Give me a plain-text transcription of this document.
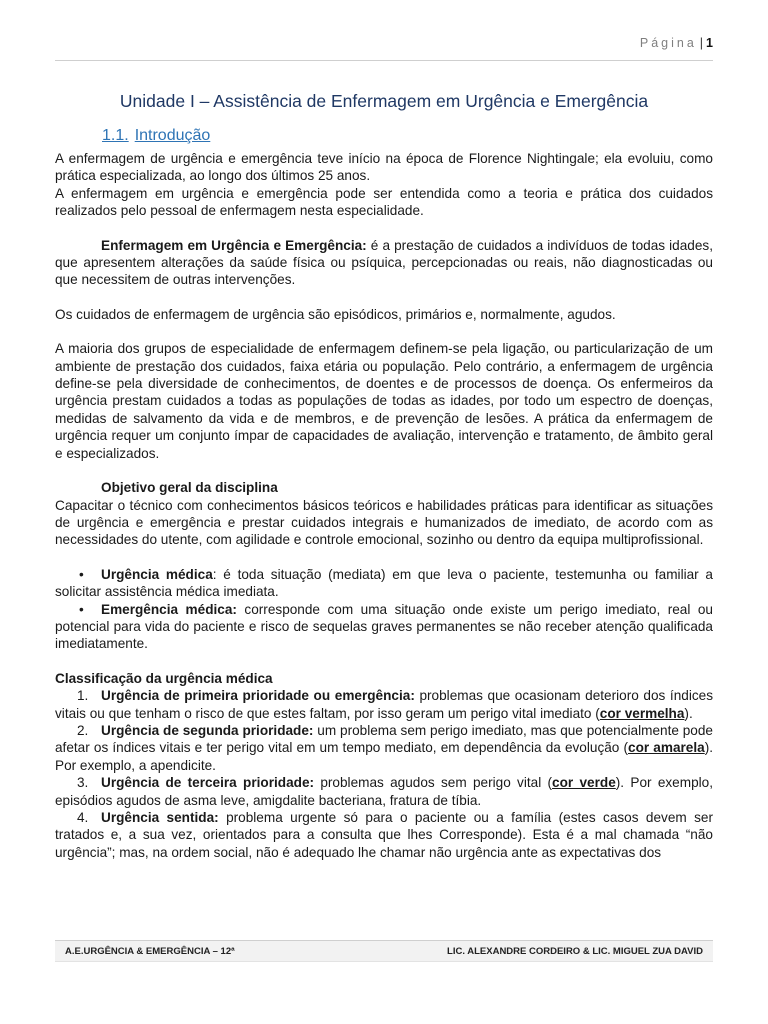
Página | 1
Unidade I – Assistência de Enfermagem em Urgência e Emergência
1.1. Introdução

A enfermagem de urgência e emergência teve início na época de Florence Nightingale; ela evoluiu, como prática especializada, ao longo dos últimos 25 anos.

A enfermagem em urgência e emergência pode ser entendida como a teoria e prática dos cuidados realizados pelo pessoal de enfermagem nesta especialidade.

Enfermagem em Urgência e Emergência: é a prestação de cuidados a indivíduos de todas idades, que apresentem alterações da saúde física ou psíquica, percepcionadas ou reais, não diagnosticadas ou que necessitem de outras intervenções.

Os cuidados de enfermagem de urgência são episódicos, primários e, normalmente, agudos.

A maioria dos grupos de especialidade de enfermagem definem-se pela ligação, ou particularização de um ambiente de prestação dos cuidados, faixa etária ou população. Pelo contrário, a enfermagem de urgência define-se pela diversidade de conhecimentos, de doentes e de processos de doença. Os enfermeiros da urgência prestam cuidados a todas as populações de todas as idades, por todo um espectro de doenças, medidas de salvamento da vida e de membros, e de prevenção de lesões. A prática da enfermagem de urgência requer um conjunto ímpar de capacidades de avaliação, intervenção e tratamento, de âmbito geral e especializados.

Objetivo geral da disciplina

Capacitar o técnico com conhecimentos básicos teóricos e habilidades práticas para identificar as situações de urgência e emergência e prestar cuidados integrais e humanizados de imediato, de acordo com as necessidades do utente, com agilidade e controle emocional, sozinho ou dentro da equipa multiprofissional.

• Urgência médica: é toda situação (mediata) em que leva o paciente, testemunha ou familiar a solicitar assistência médica imediata.

• Emergência médica: corresponde com uma situação onde existe um perigo imediato, real ou potencial para vida do paciente e risco de sequelas graves permanentes se não receber atenção qualificada imediatamente.

Classificação da urgência médica

1. Urgência de primeira prioridade ou emergência: problemas que ocasionam deterioro dos índices vitais ou que tenham o risco de que estes faltam, por isso geram um perigo vital imediato (cor vermelha).

2. Urgência de segunda prioridade: um problema sem perigo imediato, mas que potencialmente pode afetar os índices vitais e ter perigo vital em um tempo mediato, em dependência da evolução (cor amarela). Por exemplo, a apendicite.

3. Urgência de terceira prioridade: problemas agudos sem perigo vital (cor verde). Por exemplo, episódios agudos de asma leve, amigdalite bacteriana, fratura de tíbia.

4. Urgência sentida: problema urgente só para o paciente ou a família (estes casos devem ser tratados e, a sua vez, orientados para a consulta que lhes Corresponde). Esta é a mal chamada “não urgência”; mas, na ordem social, não é adequado lhe chamar não urgência ante as expectativas dos

A.E.URGÊNCIA & EMERGÊNCIA – 12ª	LIC. ALEXANDRE CORDEIRO & LIC. MIGUEL ZUA DAVID
